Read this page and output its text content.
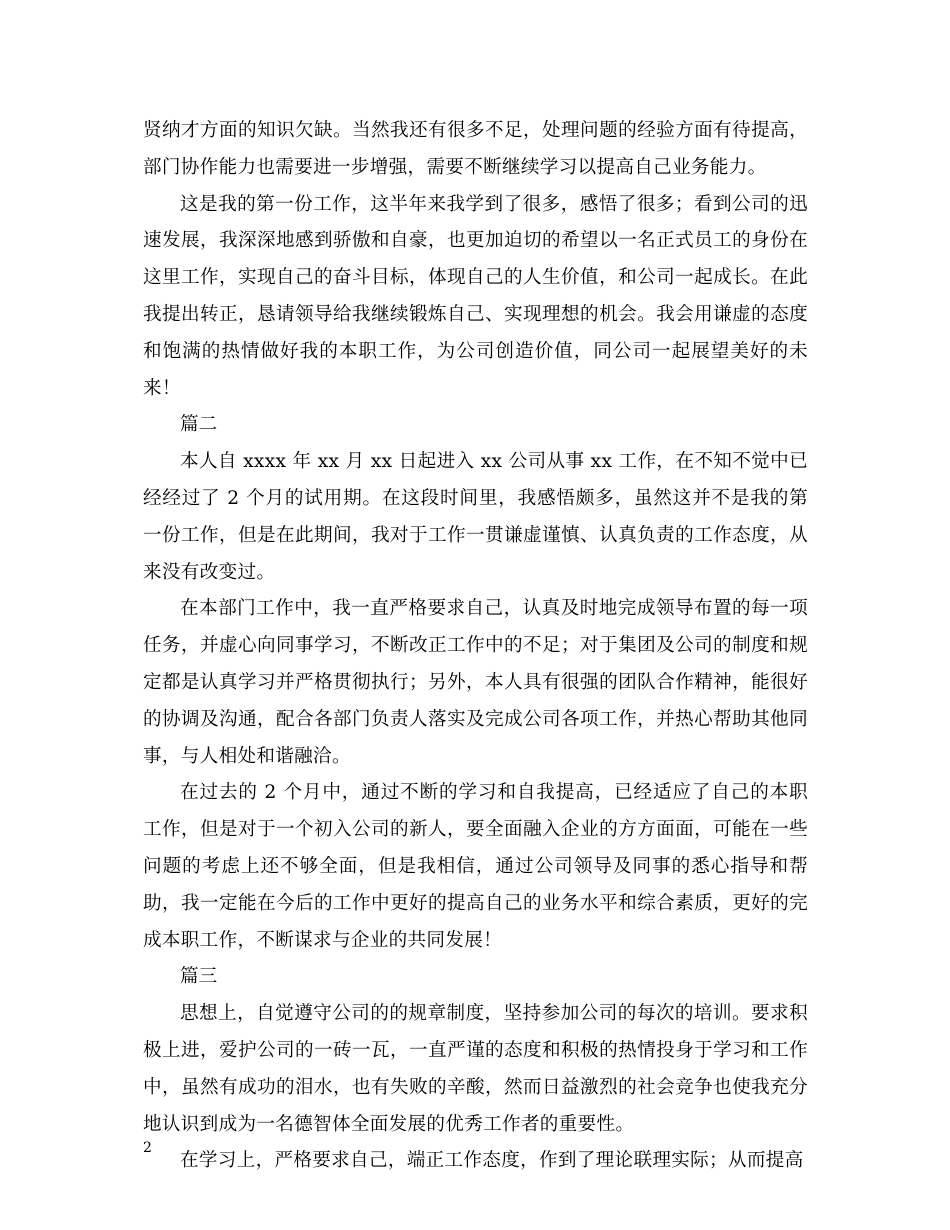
贤纳才方面的知识欠缺。当然我还有很多不足，处理问题的经验方面有待提高，部门协作能力也需要进一步增强，需要不断继续学习以提高自己业务能力。

这是我的第一份工作，这半年来我学到了很多，感悟了很多；看到公司的迅速发展，我深深地感到骄傲和自豪，也更加迫切的希望以一名正式员工的身份在这里工作，实现自己的奋斗目标，体现自己的人生价值，和公司一起成长。在此我提出转正，恳请领导给我继续锻炼自己、实现理想的机会。我会用谦虚的态度和饱满的热情做好我的本职工作，为公司创造价值，同公司一起展望美好的未来！

篇二

本人自 xxxx 年 xx 月 xx 日起进入 xx 公司从事 xx 工作，在不知不觉中已经经过了 2 个月的试用期。在这段时间里，我感悟颇多，虽然这并不是我的第一份工作，但是在此期间，我对于工作一贯谦虚谨慎、认真负责的工作态度，从来没有改变过。

在本部门工作中，我一直严格要求自己，认真及时地完成领导布置的每一项任务，并虚心向同事学习，不断改正工作中的不足；对于集团及公司的制度和规定都是认真学习并严格贯彻执行；另外，本人具有很强的团队合作精神，能很好的协调及沟通，配合各部门负责人落实及完成公司各项工作，并热心帮助其他同事，与人相处和谐融洽。

在过去的 2 个月中，通过不断的学习和自我提高，已经适应了自己的本职工作，但是对于一个初入公司的新人，要全面融入企业的方方面面，可能在一些问题的考虑上还不够全面，但是我相信，通过公司领导及同事的悉心指导和帮助，我一定能在今后的工作中更好的提高自己的业务水平和综合素质，更好的完成本职工作，不断谋求与企业的共同发展！

篇三

思想上，自觉遵守公司的的规章制度，坚持参加公司的每次的培训。要求积极上进，爱护公司的一砖一瓦，一直严谨的态度和积极的热情投身于学习和工作中，虽然有成功的泪水，也有失败的辛酸，然而日益激烈的社会竞争也使我充分地认识到成为一名德智体全面发展的优秀工作者的重要性。

在学习上，严格要求自己，端正工作态度，作到了理论联理实际；从而提高

2
